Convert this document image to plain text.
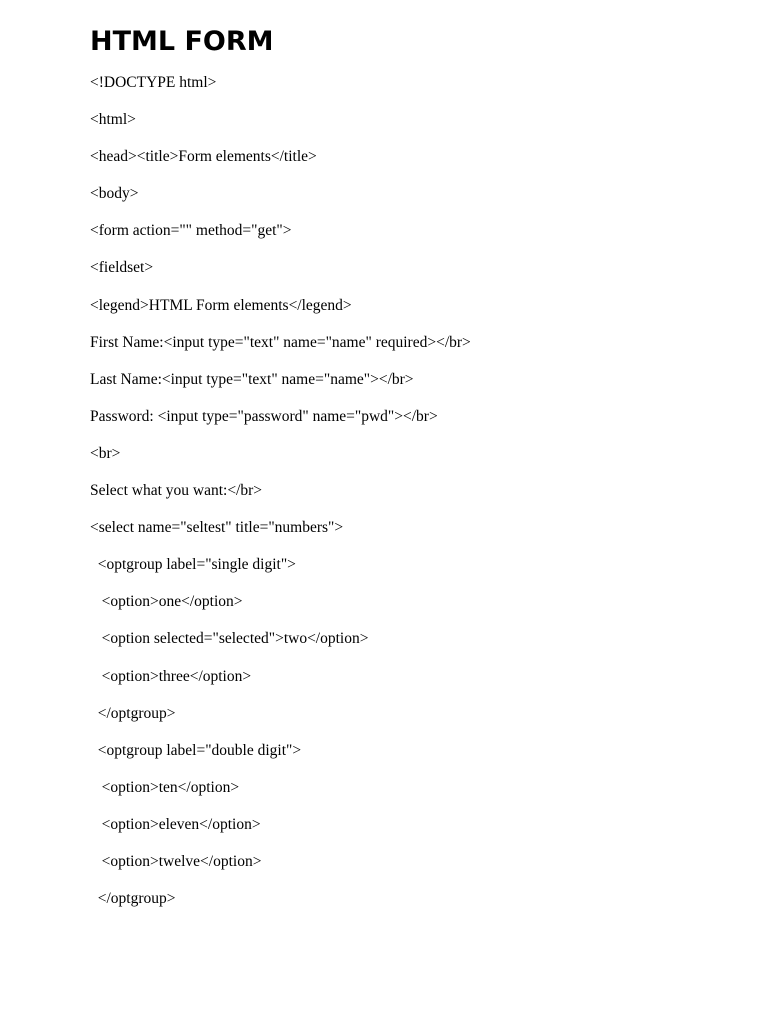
HTML FORM
<!DOCTYPE html>
<html>
<head><title>Form elements</title>
<body>
<form action="" method="get">
<fieldset>
<legend>HTML Form elements</legend>
First Name:<input type="text" name="name" required></br>
Last Name:<input type="text" name="name"></br>
Password: <input type="password" name="pwd"></br>
<br>
Select what you want:</br>
<select name="seltest" title="numbers">
<optgroup label="single digit">
<option>one</option>
<option selected="selected">two</option>
<option>three</option>
</optgroup>
<optgroup label="double digit">
<option>ten</option>
<option>eleven</option>
<option>twelve</option>
</optgroup>
